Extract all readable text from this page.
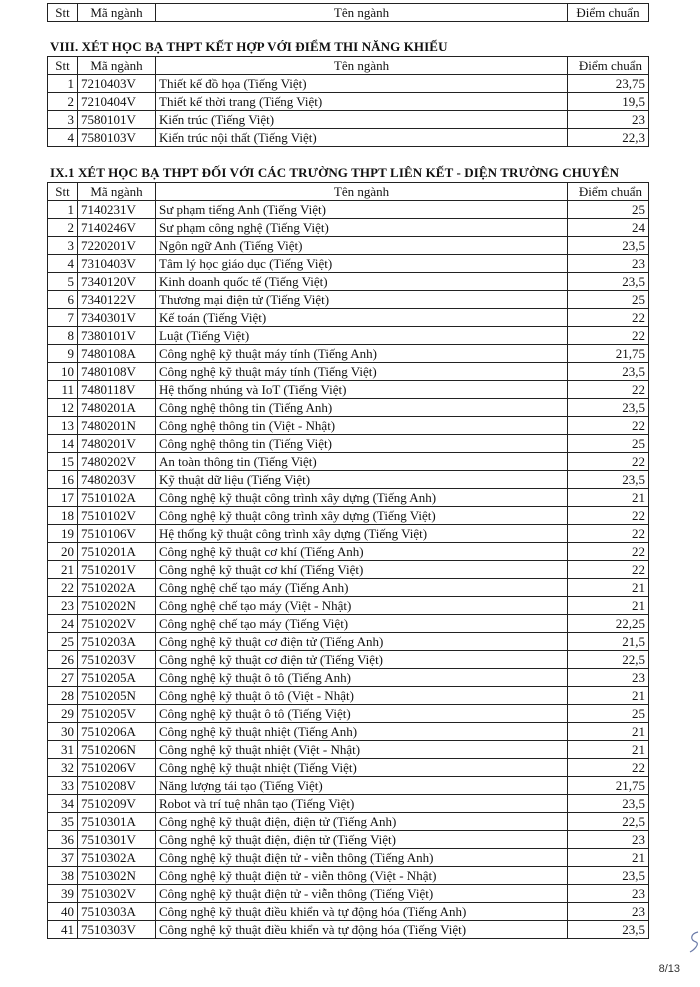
Stt	Mã ngành	Tên ngành	Điểm chuẩn
VIII. XÉT HỌC BẠ THPT KẾT HỢP VỚI ĐIỂM THI NĂNG KHIẾU
Stt	Mã ngành	Tên ngành	Điểm chuẩn
1	7210403V	Thiết kế đồ họa (Tiếng Việt)	23,75
2	7210404V	Thiết kế thời trang (Tiếng Việt)	19,5
3	7580101V	Kiến trúc (Tiếng Việt)	23
4	7580103V	Kiến trúc nội thất (Tiếng Việt)	22,3
IX.1 XÉT HỌC BẠ THPT ĐỐI VỚI CÁC TRƯỜNG THPT LIÊN KẾT - DIỆN TRƯỜNG CHUYÊN
Stt	Mã ngành	Tên ngành	Điểm chuẩn
1	7140231V	Sư phạm tiếng Anh (Tiếng Việt)	25
2	7140246V	Sư phạm công nghệ (Tiếng Việt)	24
3	7220201V	Ngôn ngữ Anh (Tiếng Việt)	23,5
4	7310403V	Tâm lý học giáo dục (Tiếng Việt)	23
5	7340120V	Kinh doanh quốc tế (Tiếng Việt)	23,5
6	7340122V	Thương mại điện tử (Tiếng Việt)	25
7	7340301V	Kế toán (Tiếng Việt)	22
8	7380101V	Luật (Tiếng Việt)	22
9	7480108A	Công nghệ kỹ thuật máy tính (Tiếng Anh)	21,75
10	7480108V	Công nghệ kỹ thuật máy tính (Tiếng Việt)	23,5
11	7480118V	Hệ thống nhúng và IoT (Tiếng Việt)	22
12	7480201A	Công nghệ thông tin (Tiếng Anh)	23,5
13	7480201N	Công nghệ thông tin (Việt - Nhật)	22
14	7480201V	Công nghệ thông tin (Tiếng Việt)	25
15	7480202V	An toàn thông tin (Tiếng Việt)	22
16	7480203V	Kỹ thuật dữ liệu (Tiếng Việt)	23,5
17	7510102A	Công nghệ kỹ thuật công trình xây dựng (Tiếng Anh)	21
18	7510102V	Công nghệ kỹ thuật công trình xây dựng (Tiếng Việt)	22
19	7510106V	Hệ thống kỹ thuật công trình xây dựng (Tiếng Việt)	22
20	7510201A	Công nghệ kỹ thuật cơ khí (Tiếng Anh)	22
21	7510201V	Công nghệ kỹ thuật cơ khí (Tiếng Việt)	22
22	7510202A	Công nghệ chế tạo máy (Tiếng Anh)	21
23	7510202N	Công nghệ chế tạo máy (Việt - Nhật)	21
24	7510202V	Công nghệ chế tạo máy (Tiếng Việt)	22,25
25	7510203A	Công nghệ kỹ thuật cơ điện tử (Tiếng Anh)	21,5
26	7510203V	Công nghệ kỹ thuật cơ điện tử (Tiếng Việt)	22,5
27	7510205A	Công nghệ kỹ thuật ô tô (Tiếng Anh)	23
28	7510205N	Công nghệ kỹ thuật ô tô (Việt - Nhật)	21
29	7510205V	Công nghệ kỹ thuật ô tô (Tiếng Việt)	25
30	7510206A	Công nghệ kỹ thuật nhiệt (Tiếng Anh)	21
31	7510206N	Công nghệ kỹ thuật nhiệt (Việt - Nhật)	21
32	7510206V	Công nghệ kỹ thuật nhiệt (Tiếng Việt)	22
33	7510208V	Năng lượng tái tạo (Tiếng Việt)	21,75
34	7510209V	Robot và trí tuệ nhân tạo (Tiếng Việt)	23,5
35	7510301A	Công nghệ kỹ thuật điện, điện tử (Tiếng Anh)	22,5
36	7510301V	Công nghệ kỹ thuật điện, điện tử (Tiếng Việt)	23
37	7510302A	Công nghệ kỹ thuật điện tử - viễn thông (Tiếng Anh)	21
38	7510302N	Công nghệ kỹ thuật điện tử - viễn thông (Việt - Nhật)	23,5
39	7510302V	Công nghệ kỹ thuật điện tử - viễn thông (Tiếng Việt)	23
40	7510303A	Công nghệ kỹ thuật điều khiển và tự động hóa (Tiếng Anh)	23
41	7510303V	Công nghệ kỹ thuật điều khiển và tự động hóa (Tiếng Việt)	23,5
8/13
